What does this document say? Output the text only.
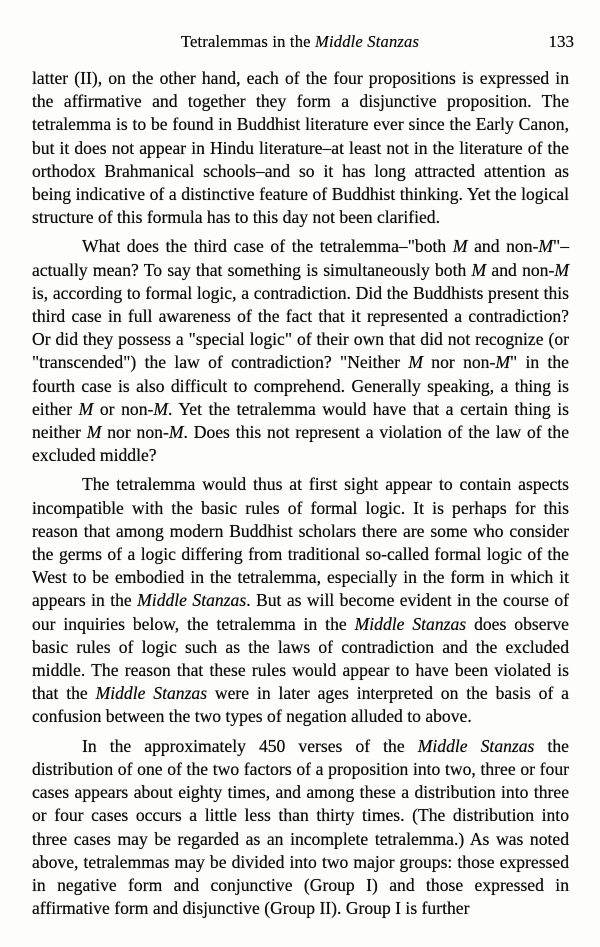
Tetralemmas in the Middle Stanzas	133

latter (II), on the other hand, each of the four propositions is expressed in the affirmative and together they form a disjunctive proposition. The tetralemma is to be found in Buddhist literature ever since the Early Canon, but it does not appear in Hindu literature–at least not in the literature of the orthodox Brahmanical schools–and so it has long attracted attention as being indicative of a distinctive feature of Buddhist thinking. Yet the logical structure of this formula has to this day not been clarified.

What does the third case of the tetralemma–"both M and non-M"–actually mean? To say that something is simultaneously both M and non-M is, according to formal logic, a contradiction. Did the Buddhists present this third case in full awareness of the fact that it represented a contradiction? Or did they possess a "special logic" of their own that did not recognize (or "transcended") the law of contradiction? "Neither M nor non-M" in the fourth case is also difficult to comprehend. Generally speaking, a thing is either M or non-M. Yet the tetralemma would have that a certain thing is neither M nor non-M. Does this not represent a violation of the law of the excluded middle?

The tetralemma would thus at first sight appear to contain aspects incompatible with the basic rules of formal logic. It is perhaps for this reason that among modern Buddhist scholars there are some who consider the germs of a logic differing from traditional so-called formal logic of the West to be embodied in the tetralemma, especially in the form in which it appears in the Middle Stanzas. But as will become evident in the course of our inquiries below, the tetralemma in the Middle Stanzas does observe basic rules of logic such as the laws of contradiction and the excluded middle. The reason that these rules would appear to have been violated is that the Middle Stanzas were in later ages interpreted on the basis of a confusion between the two types of negation alluded to above.

In the approximately 450 verses of the Middle Stanzas the distribution of one of the two factors of a proposition into two, three or four cases appears about eighty times, and among these a distribution into three or four cases occurs a little less than thirty times. (The distribution into three cases may be regarded as an incomplete tetralemma.) As was noted above, tetralemmas may be divided into two major groups: those expressed in negative form and conjunctive (Group I) and those expressed in affirmative form and disjunctive (Group II). Group I is further
